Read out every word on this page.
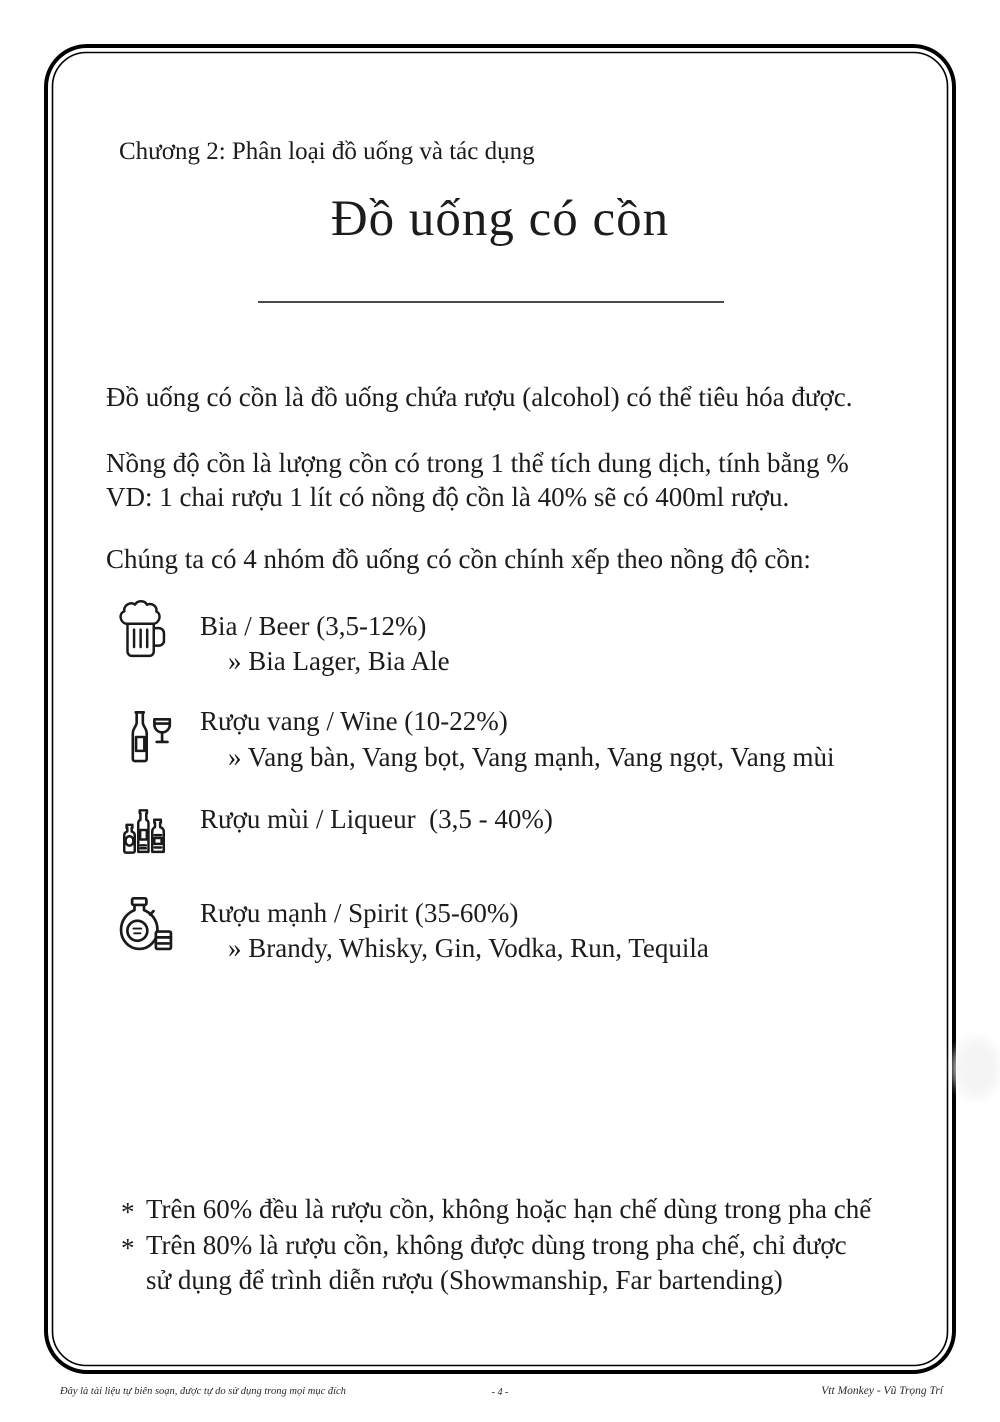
Chương 2: Phân loại đồ uống và tác dụng
Đồ uống có cồn
Đồ uống có cồn là đồ uống chứa rượu (alcohol) có thể tiêu hóa được.
Nồng độ cồn là lượng cồn có trong 1 thể tích dung dịch, tính bằng %
VD: 1 chai rượu 1 lít có nồng độ cồn là 40% sẽ có 400ml rượu.
Chúng ta có 4 nhóm đồ uống có cồn chính xếp theo nồng độ cồn:
Bia / Beer (3,5-12%)
» Bia Lager, Bia Ale
Rượu vang / Wine (10-22%)
» Vang bàn, Vang bọt, Vang mạnh, Vang ngọt, Vang mùi
Rượu mùi / Liqueur  (3,5 - 40%)
Rượu mạnh / Spirit (35-60%)
» Brandy, Whisky, Gin, Vodka, Run, Tequila
* Trên 60% đều là rượu cồn, không hoặc hạn chế dùng trong pha chế
* Trên 80% là rượu cồn, không được dùng trong pha chế, chỉ được
sử dụng để trình diễn rượu (Showmanship, Far bartending)
Đây là tài liệu tự biên soạn, được tự do sử dụng trong mọi mục đích	- 4 -	Vtt Monkey - Vũ Trọng Trí
